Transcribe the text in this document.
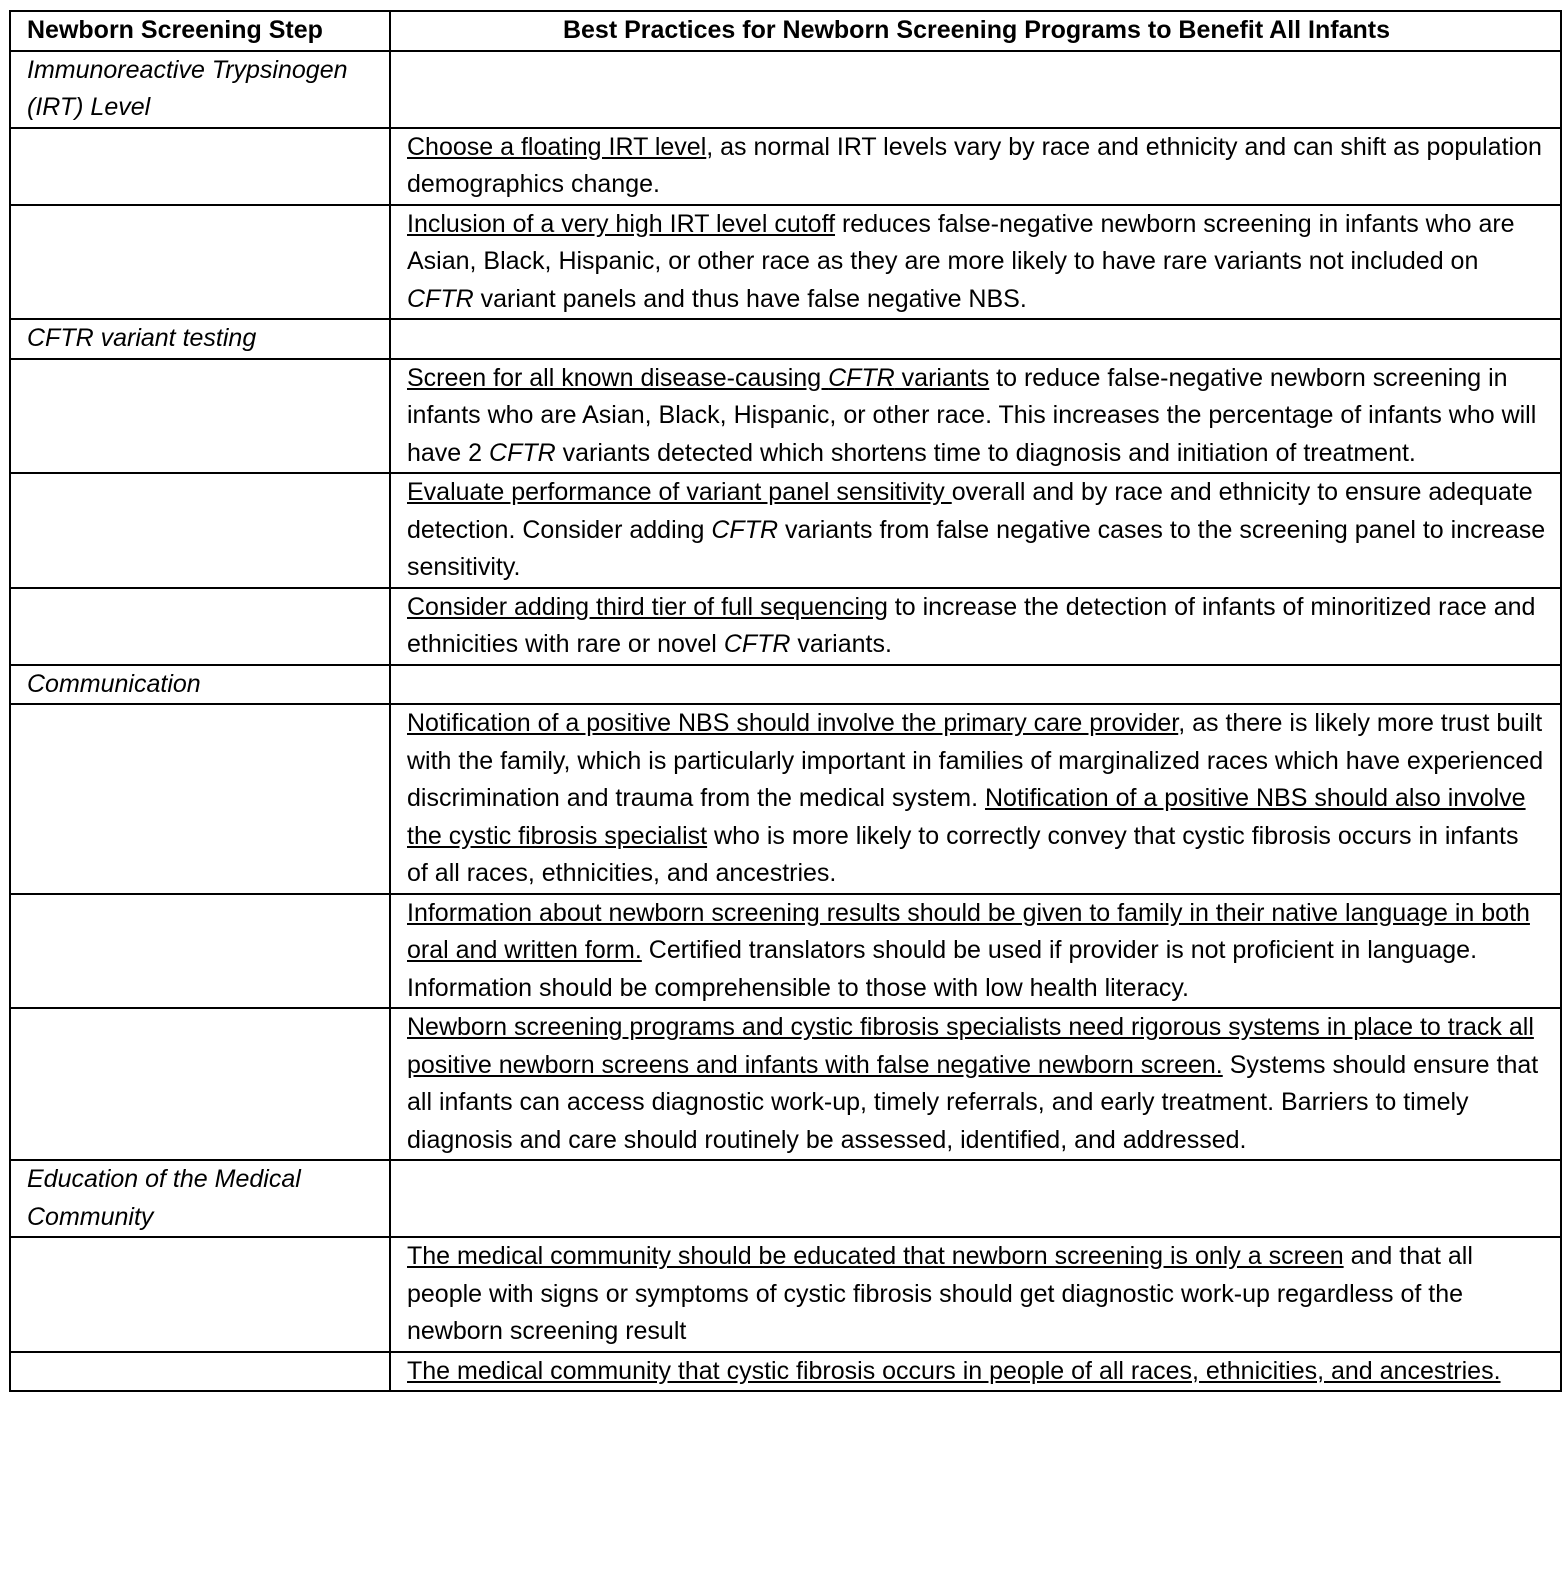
Newborn Screening Step	Best Practices for Newborn Screening Programs to Benefit All Infants
Immunoreactive Trypsinogen (IRT) Level	
	Choose a floating IRT level, as normal IRT levels vary by race and ethnicity and can shift as population demographics change.
	Inclusion of a very high IRT level cutoff reduces false-negative newborn screening in infants who are Asian, Black, Hispanic, or other race as they are more likely to have rare variants not included on CFTR variant panels and thus have false negative NBS.
CFTR variant testing	
	Screen for all known disease-causing CFTR variants to reduce false-negative newborn screening in infants who are Asian, Black, Hispanic, or other race. This increases the percentage of infants who will have 2 CFTR variants detected which shortens time to diagnosis and initiation of treatment.
	Evaluate performance of variant panel sensitivity overall and by race and ethnicity to ensure adequate detection. Consider adding CFTR variants from false negative cases to the screening panel to increase sensitivity.
	Consider adding third tier of full sequencing to increase the detection of infants of minoritized race and ethnicities with rare or novel CFTR variants.
Communication	
	Notification of a positive NBS should involve the primary care provider, as there is likely more trust built with the family, which is particularly important in families of marginalized races which have experienced discrimination and trauma from the medical system. Notification of a positive NBS should also involve the cystic fibrosis specialist who is more likely to correctly convey that cystic fibrosis occurs in infants of all races, ethnicities, and ancestries.
	Information about newborn screening results should be given to family in their native language in both oral and written form. Certified translators should be used if provider is not proficient in language. Information should be comprehensible to those with low health literacy.
	Newborn screening programs and cystic fibrosis specialists need rigorous systems in place to track all positive newborn screens and infants with false negative newborn screen. Systems should ensure that all infants can access diagnostic work-up, timely referrals, and early treatment. Barriers to timely diagnosis and care should routinely be assessed, identified, and addressed.
Education of the Medical Community	
	The medical community should be educated that newborn screening is only a screen and that all people with signs or symptoms of cystic fibrosis should get diagnostic work-up regardless of the newborn screening result
	The medical community that cystic fibrosis occurs in people of all races, ethnicities, and ancestries.
